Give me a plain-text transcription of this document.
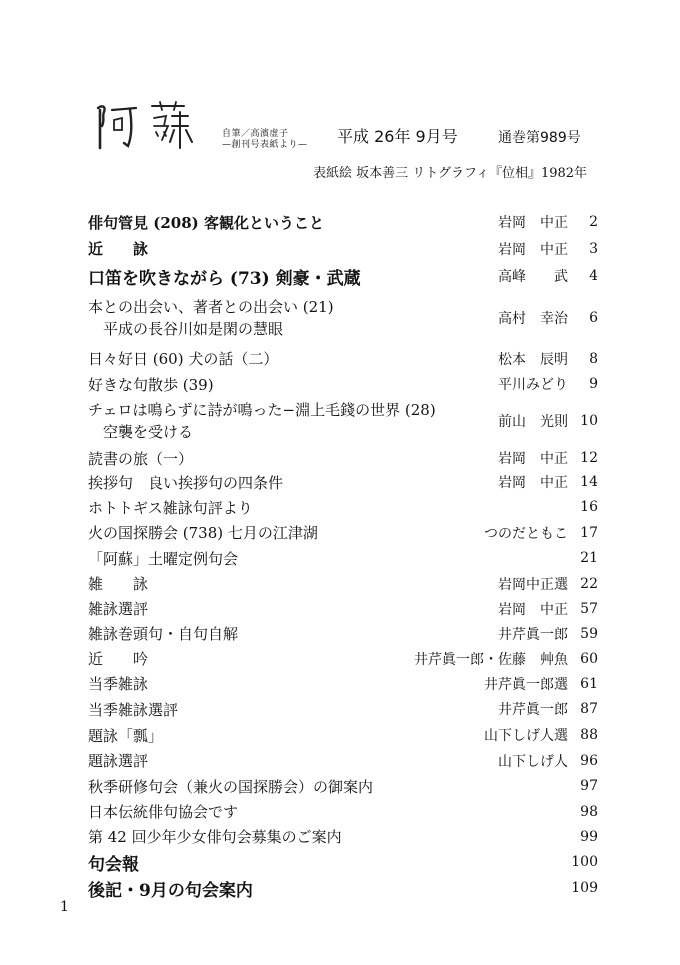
自筆／高濱虚子
—創刊号表紙より— 平成 26年 9月号	通巻第989号
表紙絵 坂本善三 リトグラフィ『位相』1982年
俳句管見 (208) 客観化ということ	岩岡　中正	2
近　　詠	岩岡　中正	3
口笛を吹きながら (73) 剣豪・武蔵	高峰　　武	4
本との出会い、著者との出会い (21)
　平成の長谷川如是閑の慧眼
高村　幸治	6
日々好日 (60) 犬の話（二）	松本　辰明	8
好きな句散歩 (39)	平川みどり	9
チェロは鳴らずに詩が鳴った−淵上毛錢の世界 (28)
　空襲を受ける
前山　光則 10
読書の旅（一）	岩岡　中正 12
挨拶句　良い挨拶句の四条件	岩岡　中正 14
ホトトギス雑詠句評より	16
火の国探勝会 (738) 七月の江津湖	つのだともこ 17
「阿蘇」土曜定例句会	21
雑　　詠	岩岡中正選 22
雑詠選評	岩岡　中正 57
雑詠巻頭句・自句自解	井芹眞一郎 59
近　　吟	井芹眞一郎・佐藤　艸魚 60
当季雑詠	井芹眞一郎選 61
当季雑詠選評	井芹眞一郎 87
題詠「瓢」	山下しげ人選 88
題詠選評	山下しげ人 96
秋季研修句会（兼火の国探勝会）の御案内	97
日本伝統俳句協会です	98
第 42 回少年少女俳句会募集のご案内	99
句会報	100
後記・9月の句会案内	109
1
